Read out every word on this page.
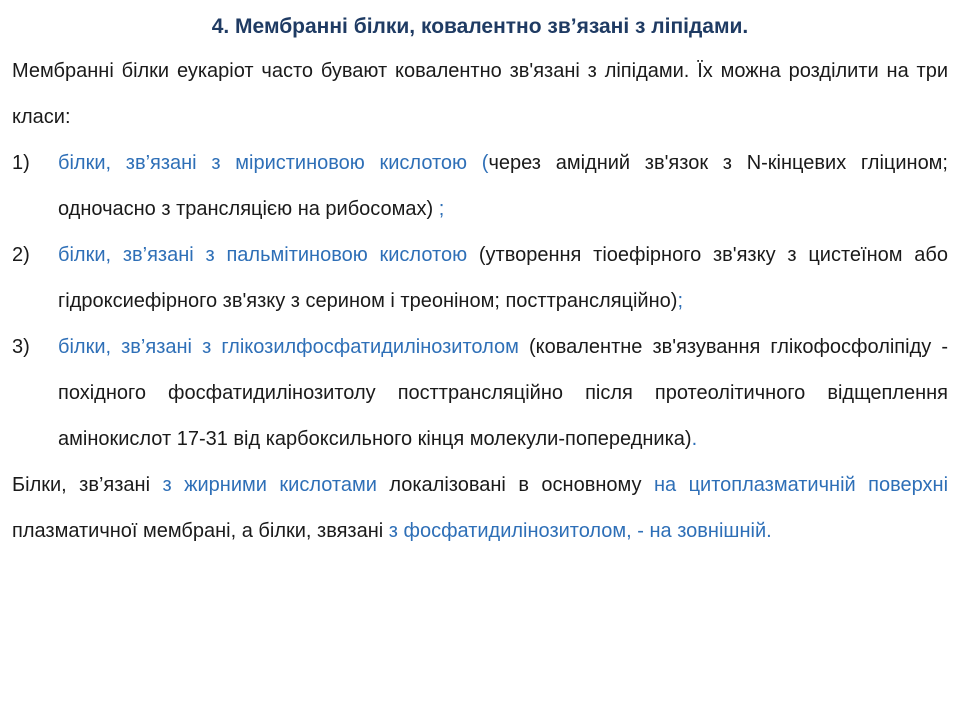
4. Мембранні білки, ковалентно зв’язані з ліпідами.
Мембранні білки еукаріот часто бувают ковалентно зв'язані з ліпідами. Їх можна розділити на три класи:
1)	білки, зв’язані з міристиновою кислотою (через амідний зв'язок з N-кінцевих гліцином; одночасно з трансляцією на рибосомах) ;
2)	білки, зв’язані з пальмітиновою кислотою (утворення тіоефірного зв'язку з цистеїном або гідроксиефірного зв'язку з серином і треоніном; посттрансляційно);
3)	білки, зв’язані з глікозилфосфатидилінозитолом (ковалентне зв'язування глікофосфоліпіду - похідного фосфатидилінозитолу посттрансляційно після протеолітичного відщеплення амінокислот 17-31 від карбоксильного кінця молекули-попередника).
Білки, зв’язані з жирними кислотами локалізовані в основному на цитоплазматичній поверхні плазматичної мембрані, а білки, звязані з фосфатидилінозитолом, - на зовнішній.
